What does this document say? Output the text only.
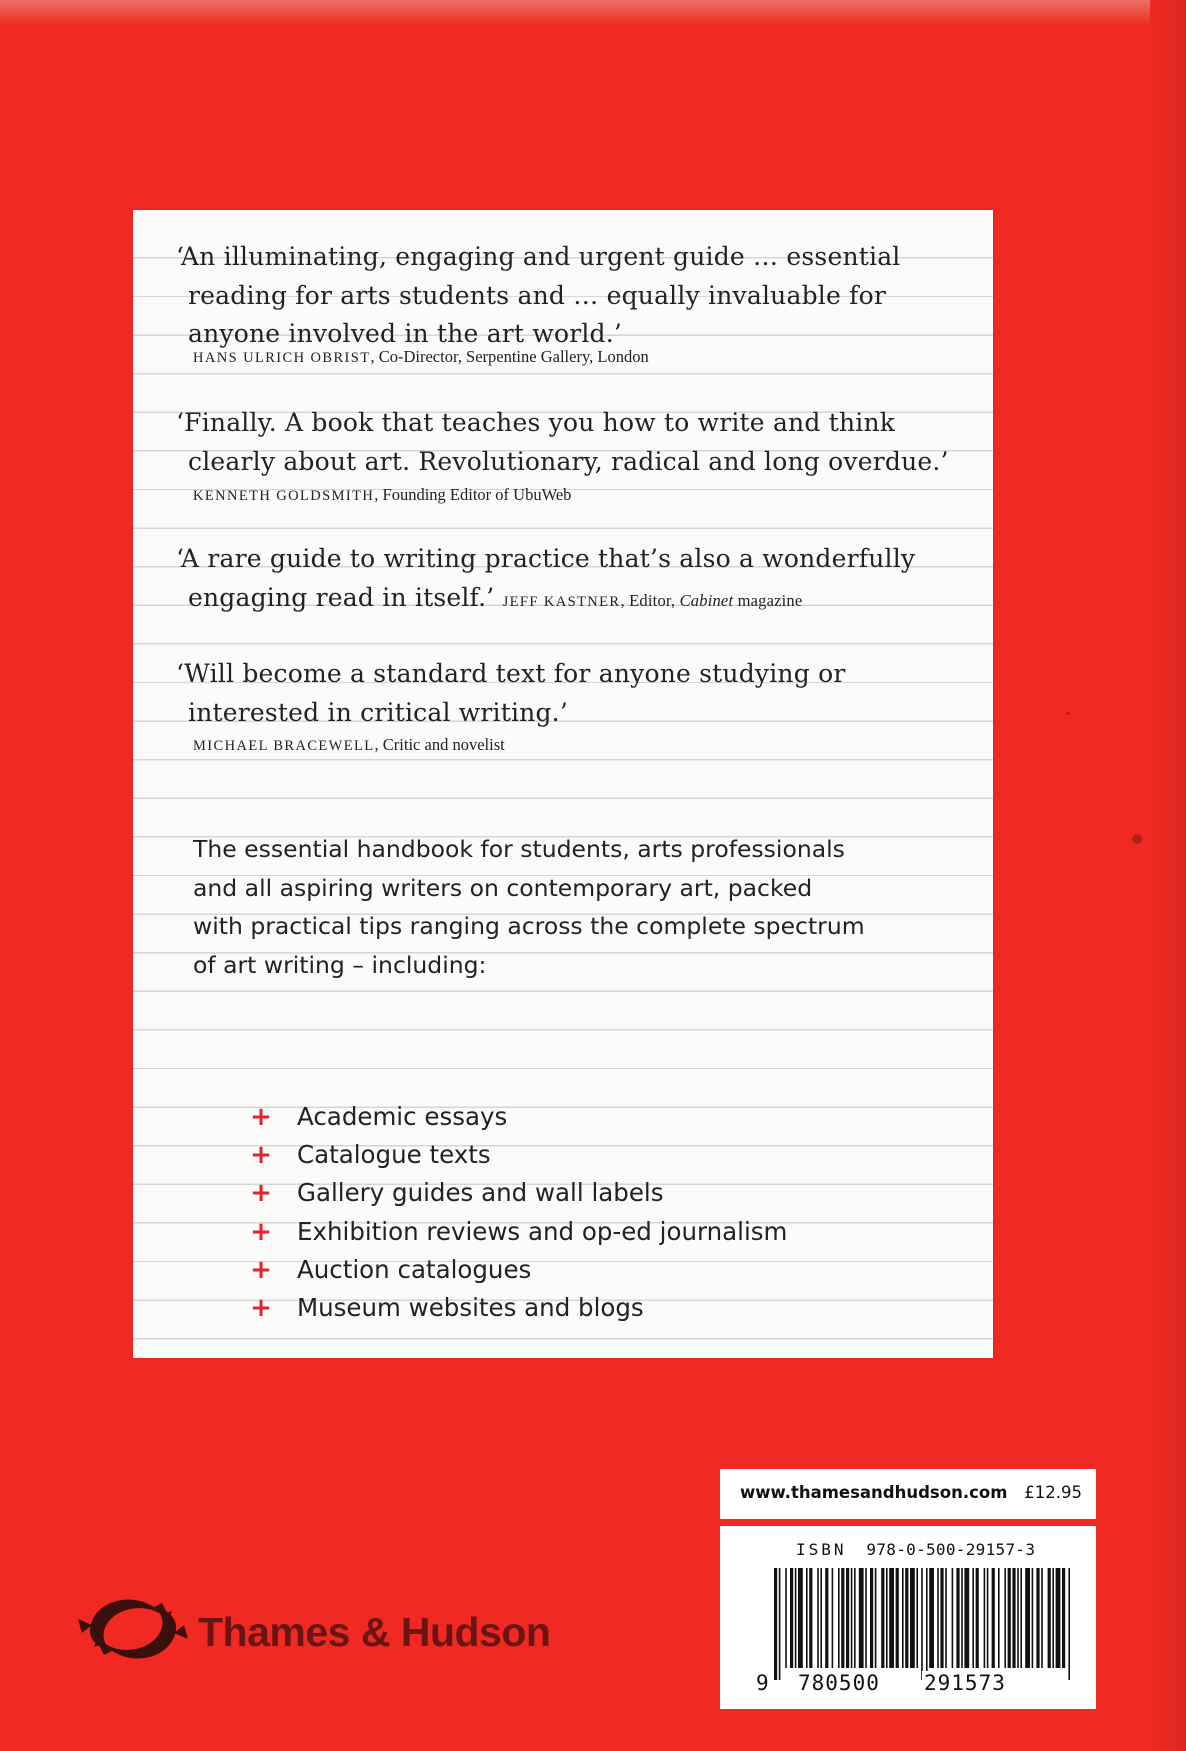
‘An illuminating, engaging and urgent guide … essential
reading for arts students and … equally invaluable for
anyone involved in the art world.’
HANS ULRICH OBRIST, Co-Director, Serpentine Gallery, London
‘Finally. A book that teaches you how to write and think
clearly about art. Revolutionary, radical and long overdue.’
KENNETH GOLDSMITH, Founding Editor of UbuWeb
‘A rare guide to writing practice that’s also a wonderfully
engaging read in itself.’ JEFF KASTNER, Editor, Cabinet magazine
‘Will become a standard text for anyone studying or
interested in critical writing.’
MICHAEL BRACEWELL, Critic and novelist
The essential handbook for students, arts professionals
and all aspiring writers on contemporary art, packed
with practical tips ranging across the complete spectrum
of art writing – including:
+ Academic essays
+ Catalogue texts
+ Gallery guides and wall labels
+ Exhibition reviews and op-ed journalism
+ Auction catalogues
+ Museum websites and blogs
www.thamesandhudson.com £12.95
ISBN 978-0-500-29157-3
9 780500 291573
Thames & Hudson
